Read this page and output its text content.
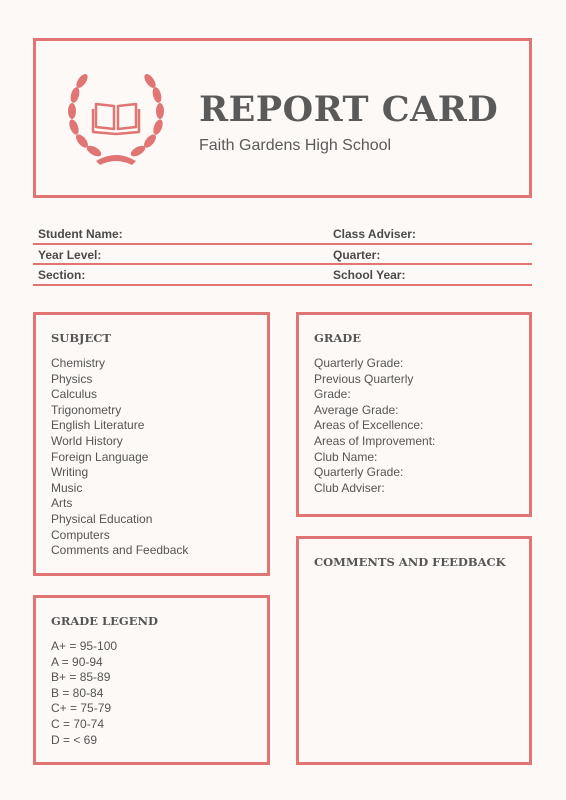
REPORT CARD
Faith Gardens High School
Student Name:	Class Adviser:
Year Level:	Quarter:
Section:	School Year:
SUBJECT
Chemistry
Physics
Calculus
Trigonometry
English Literature
World History
Foreign Language
Writing
Music
Arts
Physical Education
Computers
Comments and Feedback
GRADE
Quarterly Grade:
Previous Quarterly
Grade:
Average Grade:
Areas of Excellence:
Areas of Improvement:
Club Name:
Quarterly Grade:
Club Adviser:
GRADE LEGEND
A+ = 95-100
A = 90-94
B+ = 85-89
B = 80-84
C+ = 75-79
C = 70-74
D = < 69
COMMENTS AND FEEDBACK
